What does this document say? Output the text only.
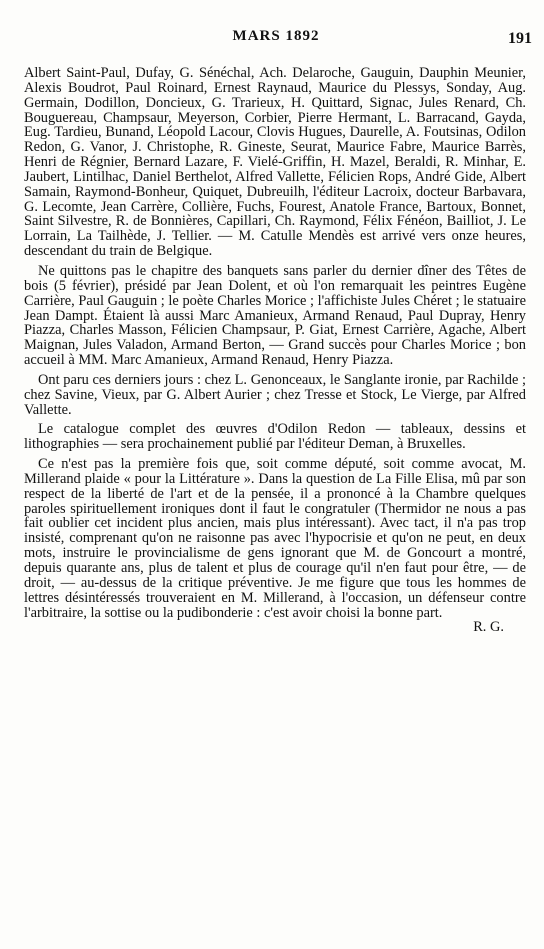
MARS 1892	191

Albert Saint-Paul, Dufay, G. Sénéchal, Ach. Delaroche, Gauguin, Dauphin Meunier, Alexis Boudrot, Paul Roinard, Ernest Raynaud, Maurice du Plessys, Sonday, Aug. Germain, Dodillon, Doncieux, G. Trarieux, H. Quittard, Signac, Jules Renard, Ch. Bouguereau, Champsaur, Meyerson, Corbier, Pierre Hermant, L. Barracand, Gayda, Eug. Tardieu, Bunand, Léopold Lacour, Clovis Hugues, Daurelle, A. Foutsinas, Odilon Redon, G. Vanor, J. Christophe, R. Gineste, Seurat, Maurice Fabre, Maurice Barrès, Henri de Régnier, Bernard Lazare, F. Vielé-Griffin, H. Mazel, Beraldi, R. Minhar, E. Jaubert, Lintilhac, Daniel Berthelot, Alfred Vallette, Félicien Rops, André Gide, Albert Samain, Raymond-Bonheur, Quiquet, Dubreuilh, l'éditeur Lacroix, docteur Barbavara, G. Lecomte, Jean Carrère, Collière, Fuchs, Fourest, Anatole France, Bartoux, Bonnet, Saint Silvestre, R. de Bonnières, Capillari, Ch. Raymond, Félix Fénéon, Bailliot, J. Le Lorrain, La Tailhède, J. Tellier. — M. Catulle Mendès est arrivé vers onze heures, descendant du train de Belgique.

Ne quittons pas le chapitre des banquets sans parler du dernier dîner des Têtes de bois (5 février), présidé par Jean Dolent, et où l'on remarquait les peintres Eugène Carrière, Paul Gauguin ; le poète Charles Morice ; l'affichiste Jules Chéret ; le statuaire Jean Dampt. Étaient là aussi Marc Amanieux, Armand Renaud, Paul Dupray, Henry Piazza, Charles Masson, Félicien Champsaur, P. Giat, Ernest Carrière, Agache, Albert Maignan, Jules Valadon, Armand Berton, — Grand succès pour Charles Morice ; bon accueil à MM. Marc Amanieux, Armand Renaud, Henry Piazza.

Ont paru ces derniers jours : chez L. Genonceaux, le Sanglante ironie, par Rachilde ; chez Savine, Vieux, par G. Albert Aurier ; chez Tresse et Stock, Le Vierge, par Alfred Vallette.

Le catalogue complet des œuvres d'Odilon Redon — tableaux, dessins et lithographies — sera prochainement publié par l'éditeur Deman, à Bruxelles.

Ce n'est pas la première fois que, soit comme député, soit comme avocat, M. Millerand plaide « pour la Littérature ». Dans la question de La Fille Elisa, mû par son respect de la liberté de l'art et de la pensée, il a prononcé à la Chambre quelques paroles spirituellement ironiques dont il faut le congratuler (Thermidor ne nous a pas fait oublier cet incident plus ancien, mais plus intéressant). Avec tact, il n'a pas trop insisté, comprenant qu'on ne raisonne pas avec l'hypocrisie et qu'on ne peut, en deux mots, instruire le provincialisme de gens ignorant que M. de Goncourt a montré, depuis quarante ans, plus de talent et plus de courage qu'il n'en faut pour être, — de droit, — au-dessus de la critique préventive. Je me figure que tous les hommes de lettres désintéressés trouveraient en M. Millerand, à l'occasion, un défenseur contre l'arbitraire, la sottise ou la pudibonderie : c'est avoir choisi la bonne part.

R. G.
